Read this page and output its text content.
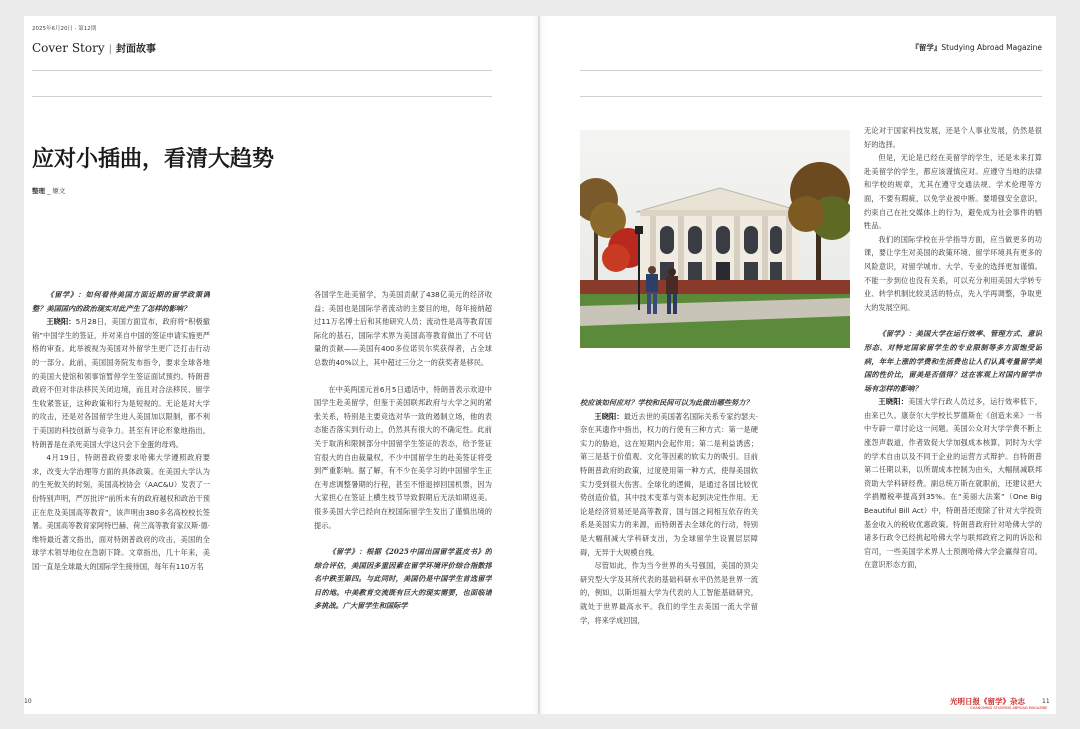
2025年6月20日 · 第12期
Cover Story | 封面故事
应对小插曲，看清大趋势
整理 _ 姬文

《留学》：如何看待美国方面近期的留学政策调整？美国国内的政治现实对此产生了怎样的影响？

王晓阳：5月28日，美国方面宣布，政府将“积极撤销”中国学生的签证，并对来自中国的签证申请实施更严格的审查。此举被视为美国对外留学生更广泛打击行动的一部分。此前，美国国务院发布指令，要求全球各地的美国大使馆和领事馆暂停学生签证面试预约。特朗普政府不但对非法移民关闭边境，而且对合法移民、留学生收紧签证，这种政策和行为是短视的。无论是对大学的攻击，还是对各国留学生进入美国加以限制，都不利于美国的科技创新与竞争力。甚至有评论形象地指出，特朗普是在杀死美国大学这只会下金蛋的母鸡。

4月19日，特朗普政府要求哈佛大学遵照政府要求，改变大学治理等方面的具体政策。在美国大学认为的生死攸关的时刻，美国高校协会（AAC&U）发表了一份特别声明，严厉批评“前所未有的政府越权和政治干预正在危及美国高等教育”，该声明由380多名高校校长签署。美国高等教育家阿特巴赫、荷兰高等教育家汉斯·德·维特最近著文指出，面对特朗普政府的攻击，美国的全球学术领导地位在急剧下降。文章指出，几十年来，美国一直是全球最大的国际学生接待国，每年有110万名

各国学生赴美留学，为美国贡献了438亿美元的经济收益；美国也是国际学者流动的主要目的地，每年接纳超过11万名博士后和其他研究人员；流动性是高等教育国际化的基石，国际学术界为美国高等教育做出了不可估量的贡献——美国有400多位诺贝尔奖获得者，占全球总数的40%以上，其中超过三分之一的获奖者是移民。

在中美两国元首6月5日通话中，特朗普表示欢迎中国学生赴美留学，但鉴于美国联邦政府与大学之间的紧张关系，特别是主要竞选对华一致的遏制立场，他的表态能否落实到行动上，仍然具有很大的不确定性。此前关于取消和限制部分中国留学生签证的表态，给予签证官很大的自由裁量权，不少中国留学生的赴美签证将受到严重影响。据了解，有不少在美学习的中国留学生正在考虑调整暑期的行程，甚至不惜退掉回国机票，因为大家担心在签证上横生枝节导致假期后无法如期返美。很多美国大学已经向在校国际留学生发出了谨慎出境的提示。

《留学》：根据《2025中国出国留学蓝皮书》的综合评估，美国因多重因素在留学环境评价综合指数排名中跌至第四。与此同时，美国仍是中国学生首选留学目的地。中美教育交流既有巨大的现实需要，也面临诸多挑战。广大留学生和国际学

10
『留学』Studying Abroad Magazine

校应该如何应对？学校和民间可以为此做出哪些努力？

王晓阳：最近去世的美国著名国际关系专家约瑟夫·奈在其遗作中指出，权力的行使有三种方式：第一是硬实力的胁迫，这在短期内会起作用；第二是利益诱惑；第三是基于价值观、文化等因素的软实力的吸引。目前特朗普政府的政策，过度使用第一种方式，使得美国软实力受到很大伤害。全球化的逻辑，是通过各国比较优势创造价值，其中技术变革与资本起到决定性作用。无论是经济贸易还是高等教育，国与国之间相互依存的关系是美国实力的来源，而特朗普去全球化的行动，特别是大幅削减大学科研支出，为全球留学生设置层层障碍，无异于大规模自残。

尽管如此，作为当今世界的头号强国，美国的顶尖研究型大学及其所代表的基础科研水平仍然是世界一流的，例如，以斯坦福大学为代表的人工智能基础研究，就处于世界最高水平。我们的学生去美国一流大学留学，将来学成回国，

无论对于国家科技发展，还是个人事业发展，仍然是很好的选择。

但是，无论是已经在美留学的学生，还是未来打算赴美留学的学生，都应该谨慎应对。应遵守当地的法律和学校的规章，尤其在遵守交通法规、学术伦理等方面，不要有瑕疵，以免学业被中断。要增强安全意识，约束自己在社交媒体上的行为，避免成为社会事件的牺牲品。

我们的国际学校在升学指导方面，应当做更多的功课，要让学生对美国的政策环境、留学环境具有更多的风险意识，对留学城市、大学、专业的选择更加谨慎。不能一步到位也没有关系，可以充分利用美国大学转专业、转学机制比较灵活的特点，先入学再调整，争取更大的发展空间。

《留学》：美国大学在运行效率、管理方式、意识形态、对特定国家留学生的专业限制等多方面饱受诟病，年年上涨的学费和生活费也让人们认真考量留学美国的性价比，留美是否值得？这在客观上对国内留学市场有怎样的影响？

王晓阳：美国大学行政人员过多，运行效率低下，由来已久。康奈尔大学校长罗德斯在《创造未来》一书中专辟一章讨论这一问题。美国公众对大学学费不断上涨怨声载道，作者致促大学加强成本核算，同时为大学的学术自由以及不同于企业的运营方式辩护。自特朗普第二任期以来，以所谓成本控制为由头，大幅削减联邦资助大学科研经费。副总统万斯在就职前，还建议把大学捐赠税率提高到35%。在“美丽大法案”（One Big Beautiful Bill Act）中，特朗普还废除了针对大学投资基金收入的税收优惠政策。特朗普政府针对哈佛大学的诸多行政令已经挑起哈佛大学与联邦政府之间的诉讼和官司，一些美国学术界人士预测哈佛大学会赢得官司。在意识形态方面，

光明日报《留学》杂志
GUANGMING STUDYING ABROAD MAGAZINE
11
